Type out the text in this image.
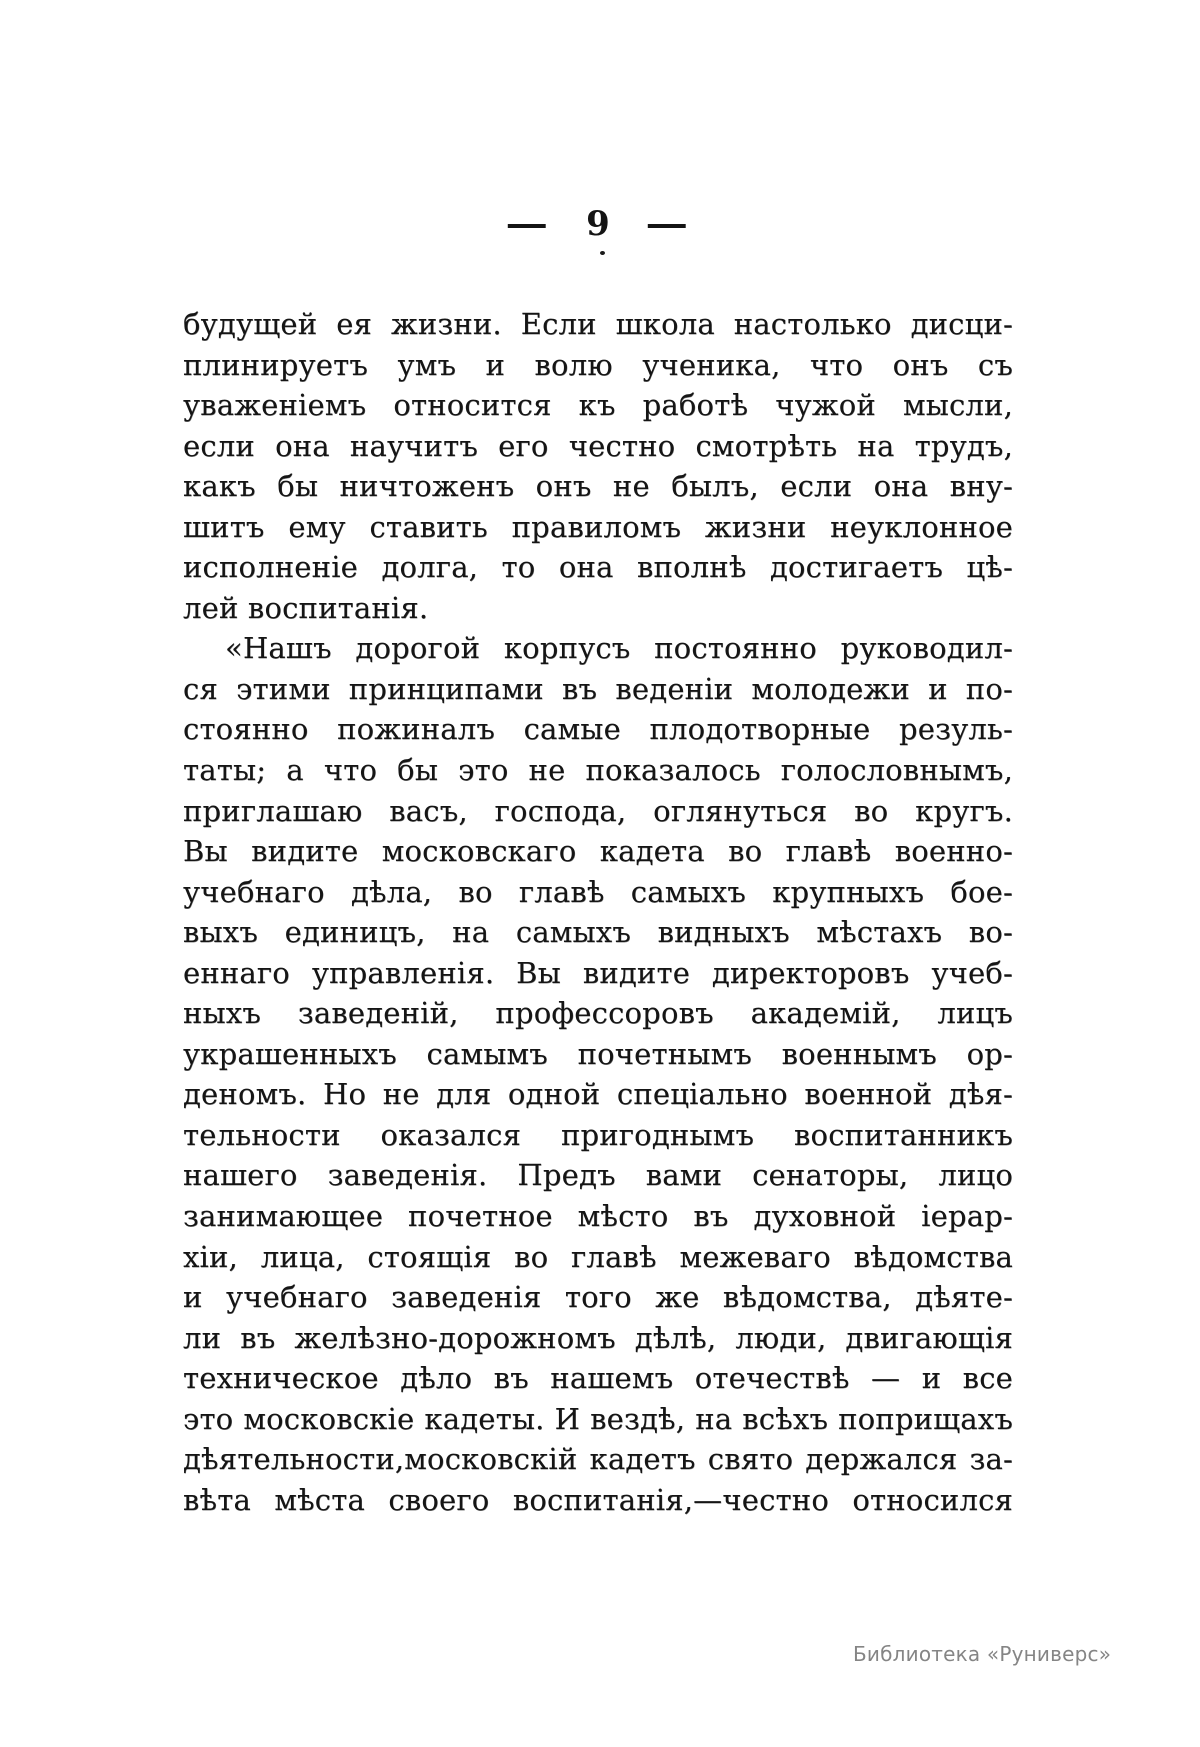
— 9 —
будущей ея жизни. Если школа настолько дисци-
плинируетъ умъ и волю ученика, что онъ съ
уваженіемъ относится къ работѣ чужой мысли,
если она научитъ его честно смотрѣть на трудъ,
какъ бы ничтоженъ онъ не былъ, если она вну-
шитъ ему ставить правиломъ жизни неуклонное
исполненіе долга, то она вполнѣ достигаетъ цѣ-
лей воспитанія.
«Нашъ дорогой корпусъ постоянно руководил-
ся этими принципами въ веденіи молодежи и по-
стоянно пожиналъ самые плодотворные резуль-
таты; а что бы это не показалось голословнымъ,
приглашаю васъ, господа, оглянуться во кругъ.
Вы видите московскаго кадета во главѣ военно-
учебнаго дѣла, во главѣ самыхъ крупныхъ бое-
выхъ единицъ, на самыхъ видныхъ мѣстахъ во-
еннаго управленія. Вы видите директоровъ учеб-
ныхъ заведеній, профессоровъ академій, лицъ
украшенныхъ самымъ почетнымъ военнымъ ор-
деномъ. Но не для одной спеціально военной дѣя-
тельности оказался пригоднымъ воспитанникъ
нашего заведенія. Предъ вами сенаторы, лицо
занимающее почетное мѣсто въ духовной іерар-
хіи, лица, стоящія во главѣ межеваго вѣдомства
и учебнаго заведенія того же вѣдомства, дѣяте-
ли въ желѣзно-дорожномъ дѣлѣ, люди, двигающія
техническое дѣло въ нашемъ отечествѣ — и все
это московскіе кадеты. И вездѣ, на всѣхъ поприщахъ
дѣятельности,московскій кадетъ свято держался за-
вѣта мѣста своего воспитанія,—честно относился
Библиотека «Руниверс»
